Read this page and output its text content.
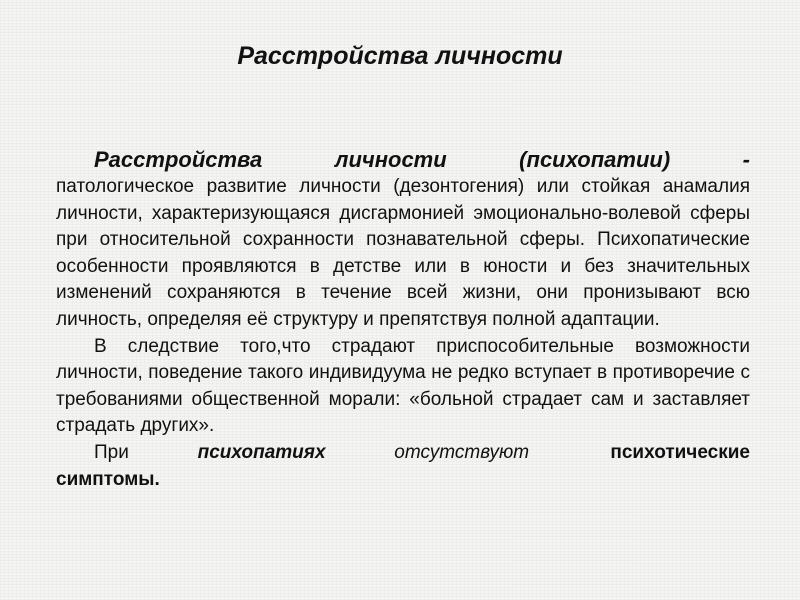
Расстройства личности

Расстройства личности (психопатии) -

патологическое развитие личности (дезонтогения) или стойкая анамалия личности, характеризующаяся дисгармонией эмоционально-волевой сферы при относительной сохранности познавательной сферы. Психопатические особенности проявляются в детстве или в юности и без значительных изменений сохраняются в течение всей жизни, они пронизывают всю личность, определяя её структуру и препятствуя полной адаптации.

В следствие того,что страдают приспособительные возможности личности, поведение такого индивидуума не редко вступает в противоречие с требованиями общественной морали: «больной страдает сам и заставляет страдать других».

При	психопатиях	отсутствуют	психотические симптомы.
